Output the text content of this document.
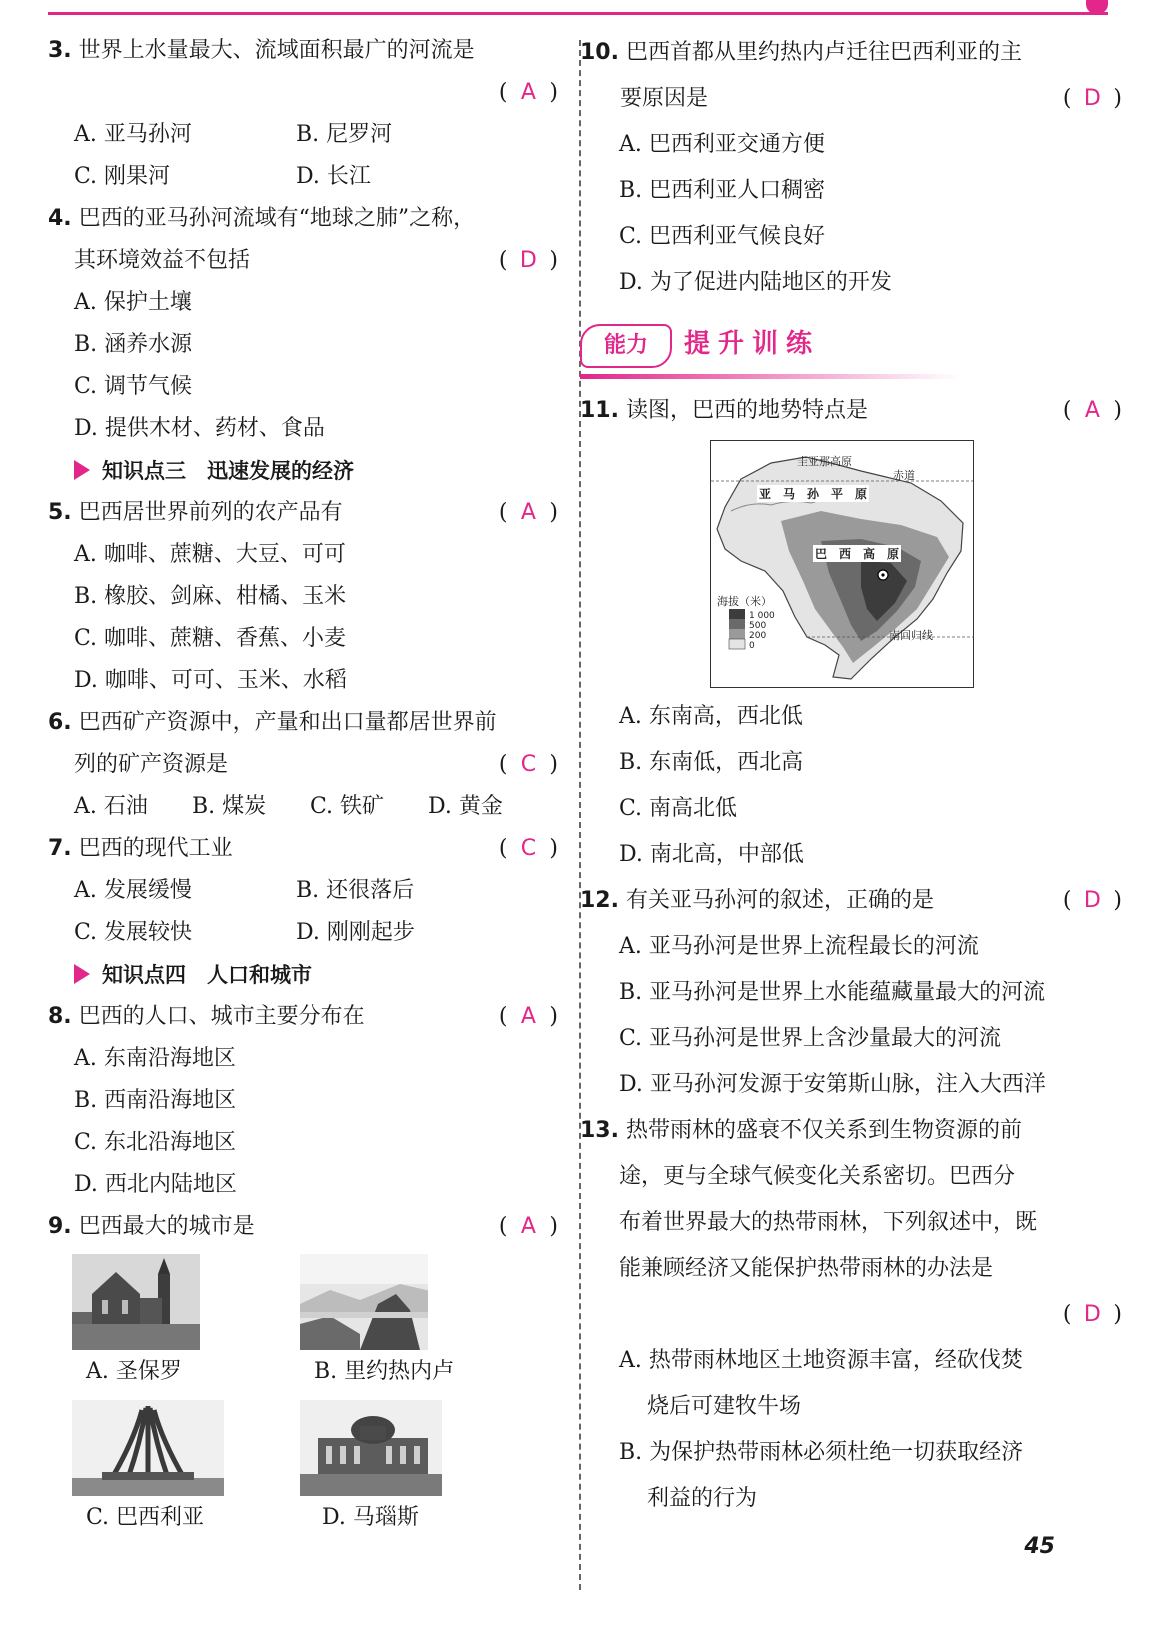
3. 世界上水量最大、流域面积最广的河流是
( A )
A. 亚马孙河	B. 尼罗河
C. 刚果河	D. 长江
4. 巴西的亚马孙河流域有“地球之肺”之称，
其环境效益不包括	( D )
A. 保护土壤
B. 涵养水源
C. 调节气候
D. 提供木材、药材、食品
知识点三　迅速发展的经济
5. 巴西居世界前列的农产品有	( A )
A. 咖啡、蔗糖、大豆、可可
B. 橡胶、剑麻、柑橘、玉米
C. 咖啡、蔗糖、香蕉、小麦
D. 咖啡、可可、玉米、水稻
6. 巴西矿产资源中，产量和出口量都居世界前
列的矿产资源是	( C )
A. 石油 B. 煤炭 C. 铁矿 D. 黄金
7. 巴西的现代工业	( C )
A. 发展缓慢	B. 还很落后
C. 发展较快	D. 刚刚起步
知识点四　人口和城市
8. 巴西的人口、城市主要分布在	( A )
A. 东南沿海地区
B. 西南沿海地区
C. 东北沿海地区
D. 西北内陆地区
9. 巴西最大的城市是	( A )
A. 圣保罗	B. 里约热内卢
C. 巴西利亚	D. 马瑙斯
10. 巴西首都从里约热内卢迁往巴西利亚的主
要原因是	( D )
A. 巴西利亚交通方便
B. 巴西利亚人口稠密
C. 巴西利亚气候良好
D. 为了促进内陆地区的开发
能力	提升训练
11. 读图，巴西的地势特点是	( A )
圭亚那高原
赤道
亚　马　孙　平　原
巴　西　高　原
海拔（米）
1 000
500
200
0
南回归线
A. 东南高，西北低
B. 东南低，西北高
C. 南高北低
D. 南北高，中部低
12. 有关亚马孙河的叙述，正确的是	( D )
A. 亚马孙河是世界上流程最长的河流
B. 亚马孙河是世界上水能蕴藏量最大的河流
C. 亚马孙河是世界上含沙量最大的河流
D. 亚马孙河发源于安第斯山脉，注入大西洋
13. 热带雨林的盛衰不仅关系到生物资源的前
途，更与全球气候变化关系密切。巴西分
布着世界最大的热带雨林，下列叙述中，既
能兼顾经济又能保护热带雨林的办法是
( D )
A. 热带雨林地区土地资源丰富，经砍伐焚
烧后可建牧牛场
B. 为保护热带雨林必须杜绝一切获取经济
利益的行为
45
